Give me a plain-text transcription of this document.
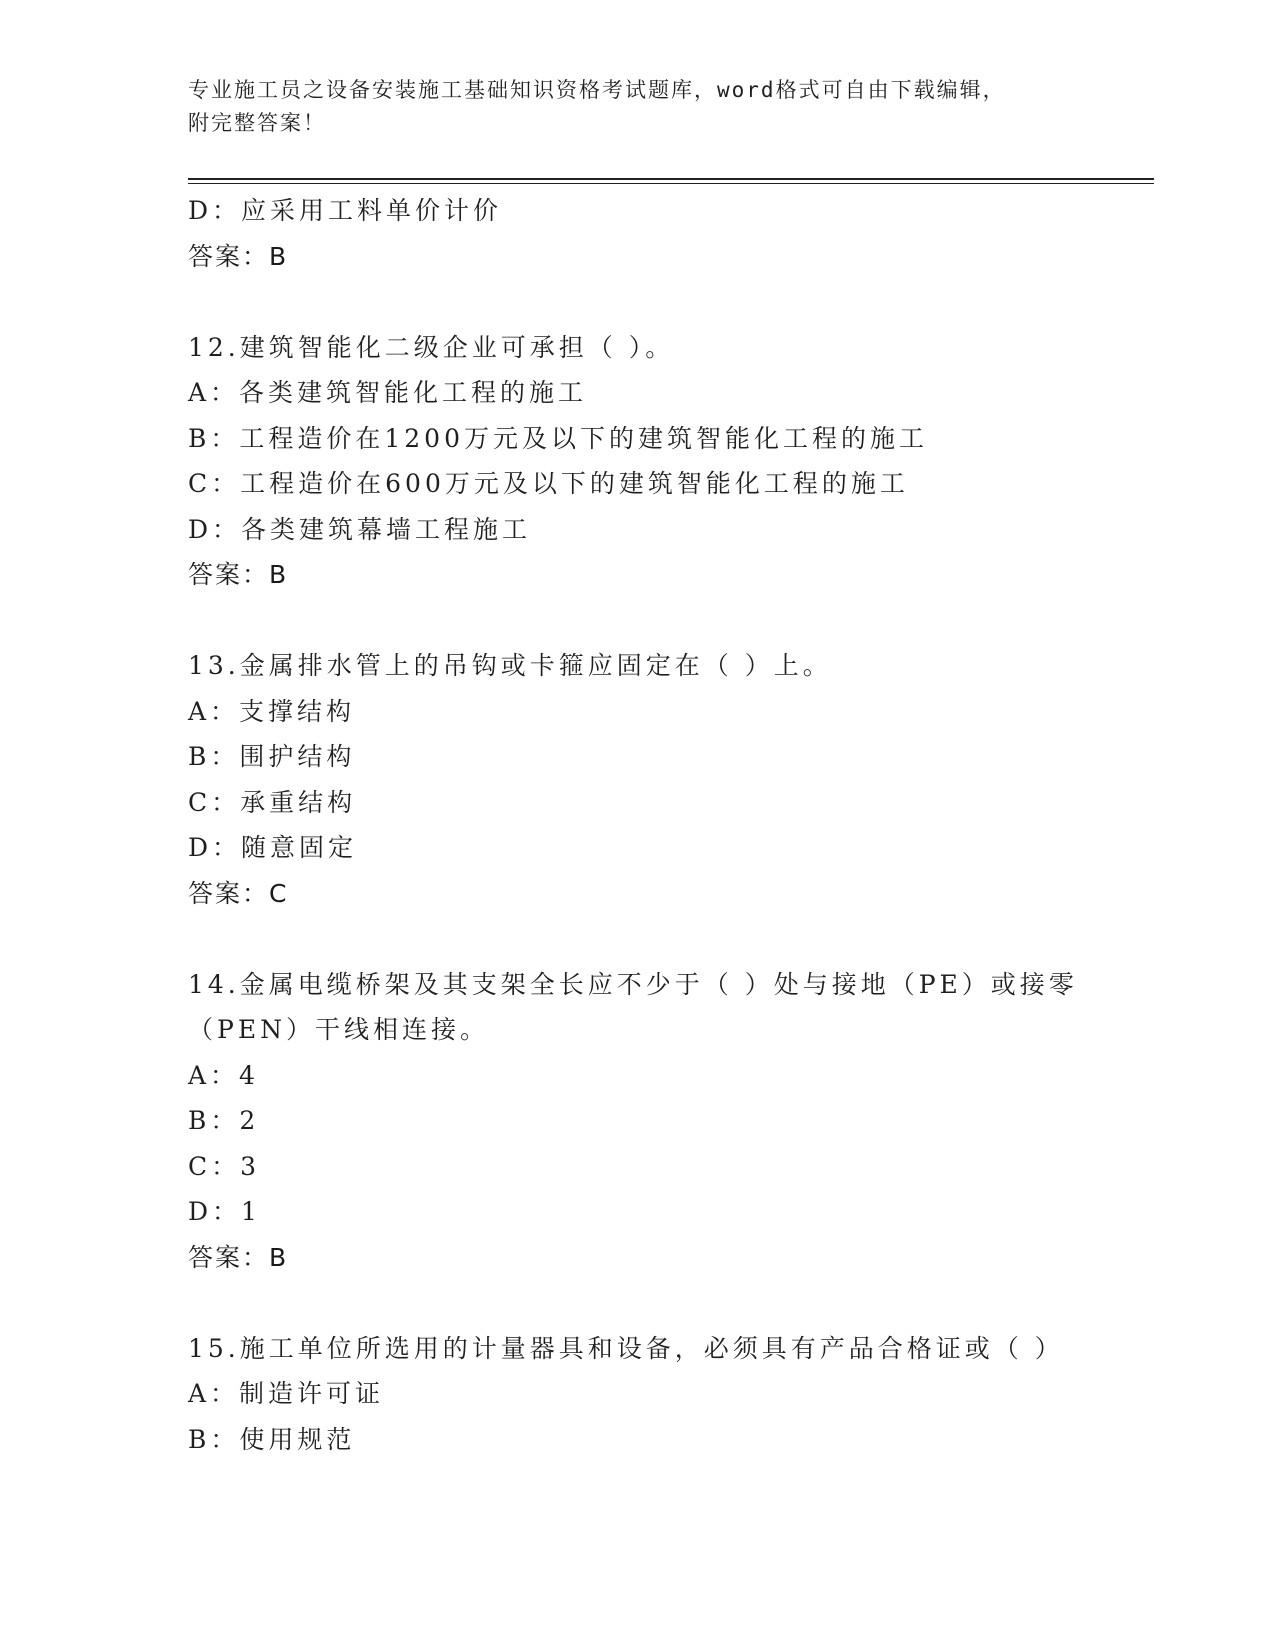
专业施工员之设备安装施工基础知识资格考试题库，word格式可自由下载编辑，
附完整答案！
D：应采用工料单价计价
答案：B
12.建筑智能化二级企业可承担（ ）。
A：各类建筑智能化工程的施工
B：工程造价在1200万元及以下的建筑智能化工程的施工
C：工程造价在600万元及以下的建筑智能化工程的施工
D：各类建筑幕墙工程施工
答案：B
13.金属排水管上的吊钩或卡箍应固定在（ ）上。
A：支撑结构
B：围护结构
C：承重结构
D：随意固定
答案：C
14.金属电缆桥架及其支架全长应不少于（ ）处与接地（PE）或接零
（PEN）干线相连接。
A：4
B：2
C：3
D：1
答案：B
15.施工单位所选用的计量器具和设备，必须具有产品合格证或（ ）
A：制造许可证
B：使用规范
